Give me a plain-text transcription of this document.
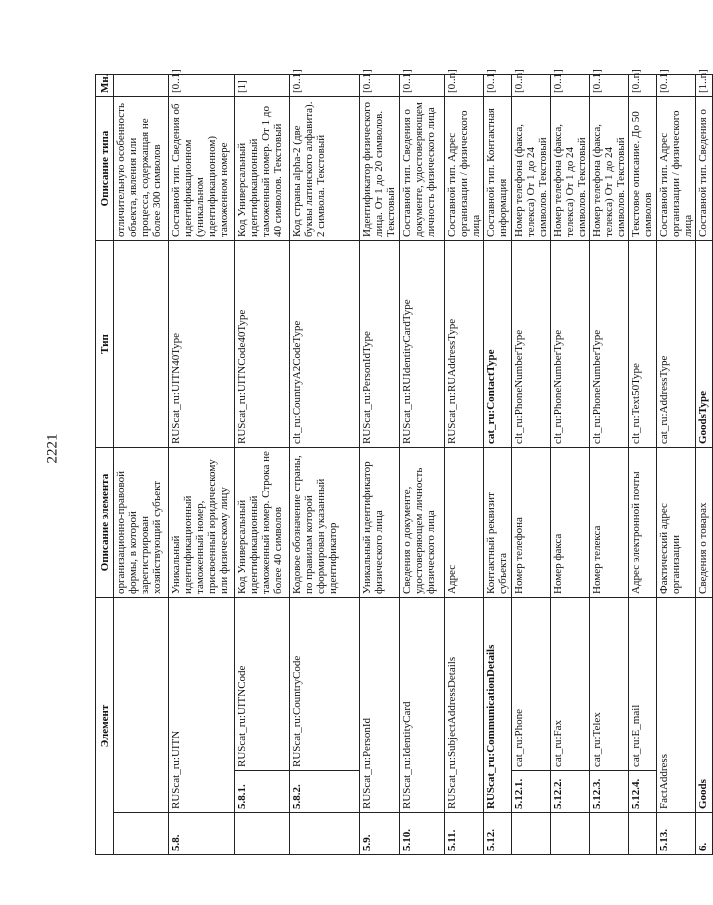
2221
Элемент			Описание элемента	Тип	Описание типа	Мн.
			организационно-правовой формы, в которой зарегистрирован хозяйствующий субъект		отличительную особенность объекта, явления или процесса, содержащая не более 300 символов	
5.8.	RUScat_ru:UITN		Уникальный идентификационный таможенный номер, присвоенный юридическому или физическому лицу	RUScat_ru:UITN40Type	Составной тип. Сведения об идентификационном (уникальном идентификационном) таможенном номере	[0..1]
	5.8.1.	RUScat_ru:UITNCode	Код Универсальный идентификационный таможенный номер. Строка не более 40 символов	RUScat_ru:UITNCode40Type	Код Универсальный идентификационный таможенный номер. От 1 до 40 символов. Текстовый	[1]
	5.8.2.	RUScat_ru:CountryCode	Кодовое обозначение страны, по правилам которой сформирован указанный идентификатор	clt_ru:CountryA2CodeType	Код страны alpha-2 (две буквы латинского алфавита). 2 символа. Текстовый	[0..1]
5.9.	RUScat_ru:PersonId		Уникальный идентификатор физического лица	RUScat_ru:PersonIdType	Идентификатор физического лица. От 1 до 20 символов. Текстовый	[0..1]
5.10.	RUScat_ru:IdentityCard		Сведения о документе, удостоверяющем личность физического лица	RUScat_ru:RUIdentityCardType	Составной тип. Сведения о документе, удостоверяющем личность физического лица	[0..1]
5.11.	RUScat_ru:SubjectAddressDetails		Адрес	RUScat_ru:RUAddressType	Составной тип. Адрес организации / физического лица	[0..n]
5.12.	RUScat_ru:CommunicationDetails		Контактный реквизит субъекта	cat_ru:ContactType	Составной тип. Контактная информация	[0..1]
	5.12.1.	cat_ru:Phone	Номер телефона	clt_ru:PhoneNumberType	Номер телефона (факса, телекса) От 1 до 24 символов. Текстовый	[0..n]
	5.12.2.	cat_ru:Fax	Номер факса	clt_ru:PhoneNumberType	Номер телефона (факса, телекса) От 1 до 24 символов. Текстовый	[0..1]
	5.12.3.	cat_ru:Telex	Номер телекса	clt_ru:PhoneNumberType	Номер телефона (факса, телекса) От 1 до 24 символов. Текстовый	[0..1]
	5.12.4.	cat_ru:E_mail	Адрес электронной почты	clt_ru:Text50Type	Текстовое описание. До 50 символов	[0..n]
5.13.	FactAddress		Фактический адрес организации	cat_ru:AddressType	Составной тип. Адрес организации / физического лица	[0..1]
6.	Goods		Сведения о товарах	GoodsType	Составной тип. Сведения о	[1..n]
